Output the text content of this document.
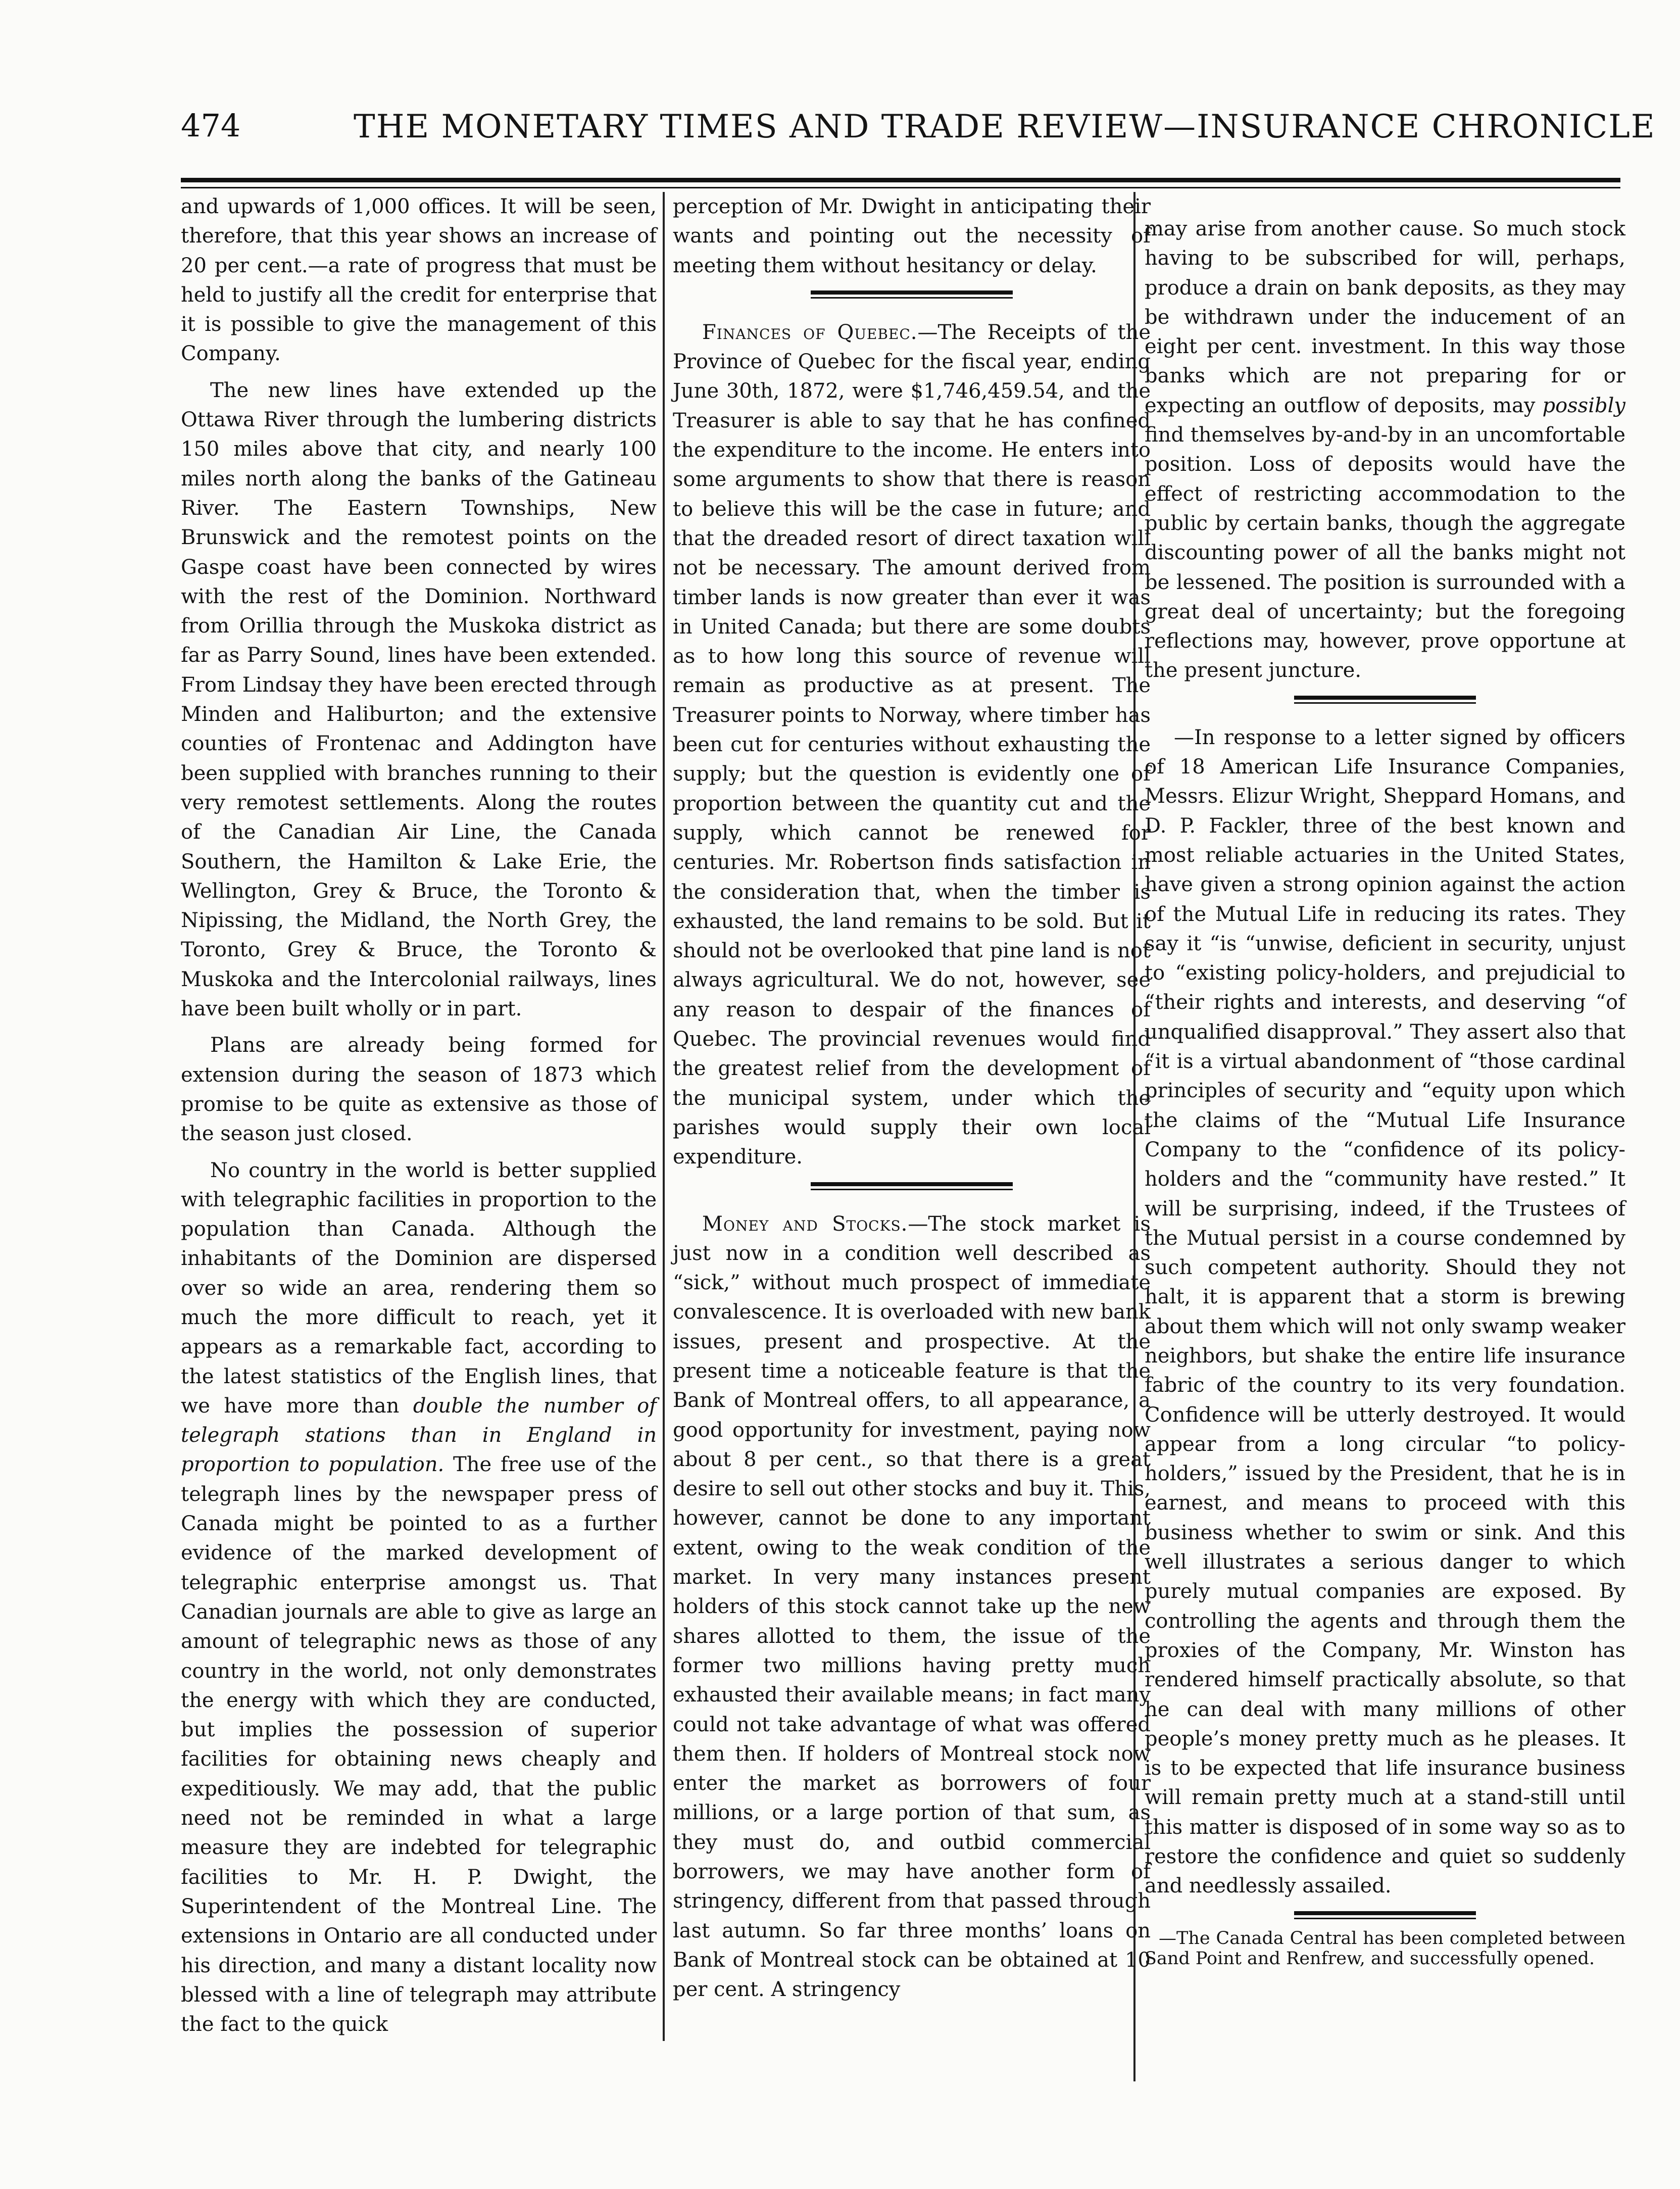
474	THE MONETARY TIMES AND TRADE REVIEW—INSURANCE CHRONICLE

and upwards of 1,000 offices. It will be seen, therefore, that this year shows an increase of 20 per cent.—a rate of progress that must be held to justify all the credit for enterprise that it is possible to give the management of this Company.

The new lines have extended up the Ottawa River through the lumbering districts 150 miles above that city, and nearly 100 miles north along the banks of the Gatineau River. The Eastern Townships, New Brunswick and the remotest points on the Gaspe coast have been connected by wires with the rest of the Dominion. Northward from Orillia through the Muskoka district as far as Parry Sound, lines have been extended. From Lindsay they have been erected through Minden and Haliburton; and the extensive counties of Frontenac and Addington have been supplied with branches running to their very remotest settlements. Along the routes of the Canadian Air Line, the Canada Southern, the Hamilton & Lake Erie, the Wellington, Grey & Bruce, the Toronto & Nipissing, the Midland, the North Grey, the Toronto, Grey & Bruce, the Toronto & Muskoka and the Intercolonial railways, lines have been built wholly or in part.

Plans are already being formed for extension during the season of 1873 which promise to be quite as extensive as those of the season just closed.

No country in the world is better supplied with telegraphic facilities in proportion to the population than Canada. Although the inhabitants of the Dominion are dispersed over so wide an area, rendering them so much the more difficult to reach, yet it appears as a remarkable fact, according to the latest statistics of the English lines, that we have more than double the number of telegraph stations than in England in proportion to population. The free use of the telegraph lines by the newspaper press of Canada might be pointed to as a further evidence of the marked development of telegraphic enterprise amongst us. That Canadian journals are able to give as large an amount of telegraphic news as those of any country in the world, not only demonstrates the energy with which they are conducted, but implies the possession of superior facilities for obtaining news cheaply and expeditiously. We may add, that the public need not be reminded in what a large measure they are indebted for telegraphic facilities to Mr. H. P. Dwight, the Superintendent of the Montreal Line. The extensions in Ontario are all conducted under his direction, and many a distant locality now blessed with a line of telegraph may attribute the fact to the quick

perception of Mr. Dwight in anticipating their wants and pointing out the necessity of meeting them without hesitancy or delay.

Finances of Quebec.—The Receipts of the Province of Quebec for the fiscal year, ending June 30th, 1872, were $1,746,459.54, and the Treasurer is able to say that he has confined the expenditure to the income. He enters into some arguments to show that there is reason to believe this will be the case in future; and that the dreaded resort of direct taxation will not be necessary. The amount derived from timber lands is now greater than ever it was in United Canada; but there are some doubts as to how long this source of revenue will remain as productive as at present. The Treasurer points to Norway, where timber has been cut for centuries without exhausting the supply; but the question is evidently one of proportion between the quantity cut and the supply, which cannot be renewed for centuries. Mr. Robertson finds satisfaction in the consideration that, when the timber is exhausted, the land remains to be sold. But it should not be overlooked that pine land is not always agricultural. We do not, however, see any reason to despair of the finances of Quebec. The provincial revenues would find the greatest relief from the development of the municipal system, under which the parishes would supply their own local expenditure.

Money and Stocks.—The stock market is just now in a condition well described as “sick,” without much prospect of immediate convalescence. It is overloaded with new bank issues, present and prospective. At the present time a noticeable feature is that the Bank of Montreal offers, to all appearance, a good opportunity for investment, paying now about 8 per cent., so that there is a great desire to sell out other stocks and buy it. This, however, cannot be done to any important extent, owing to the weak condition of the market. In very many instances present holders of this stock cannot take up the new shares allotted to them, the issue of the former two millions having pretty much exhausted their available means; in fact many could not take advantage of what was offered them then. If holders of Montreal stock now enter the market as borrowers of four millions, or a large portion of that sum, as they must do, and outbid commercial borrowers, we may have another form of stringency, different from that passed through last autumn. So far three months’ loans on Bank of Montreal stock can be obtained at 10 per cent. A stringency

may arise from another cause. So much stock having to be subscribed for will, perhaps, produce a drain on bank deposits, as they may be withdrawn under the inducement of an eight per cent. investment. In this way those banks which are not preparing for or expecting an outflow of deposits, may possibly find themselves by-and-by in an uncomfortable position. Loss of deposits would have the effect of restricting accommodation to the public by certain banks, though the aggregate discounting power of all the banks might not be lessened. The position is surrounded with a great deal of uncertainty; but the foregoing reflections may, however, prove opportune at the present juncture.

—In response to a letter signed by officers of 18 American Life Insurance Companies, Messrs. Elizur Wright, Sheppard Homans, and D. P. Fackler, three of the best known and most reliable actuaries in the United States, have given a strong opinion against the action of the Mutual Life in reducing its rates. They say it “is “unwise, deficient in security, unjust to “existing policy-holders, and prejudicial to “their rights and interests, and deserving “of unqualified disapproval.” They assert also that “it is a virtual abandonment of “those cardinal principles of security and “equity upon which the claims of the “Mutual Life Insurance Company to the “confidence of its policy-holders and the “community have rested.” It will be surprising, indeed, if the Trustees of the Mutual persist in a course condemned by such competent authority. Should they not halt, it is apparent that a storm is brewing about them which will not only swamp weaker neighbors, but shake the entire life insurance fabric of the country to its very foundation. Confidence will be utterly destroyed. It would appear from a long circular “to policy-holders,” issued by the President, that he is in earnest, and means to proceed with this business whether to swim or sink. And this well illustrates a serious danger to which purely mutual companies are exposed. By controlling the agents and through them the proxies of the Company, Mr. Winston has rendered himself practically absolute, so that he can deal with many millions of other people’s money pretty much as he pleases. It is to be expected that life insurance business will remain pretty much at a stand-still until this matter is disposed of in some way so as to restore the confidence and quiet so suddenly and needlessly assailed.

—The Canada Central has been completed between Sand Point and Renfrew, and successfully opened.
